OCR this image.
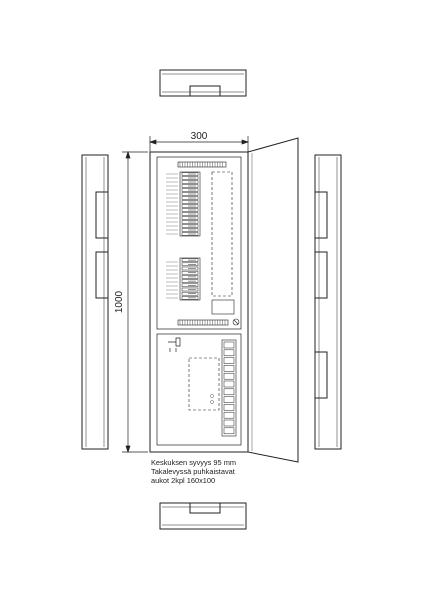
300
1000
Keskuksen syvyys 95 mm
Takalevyssä puhkaistavat
aukot 2kpl 160x100
